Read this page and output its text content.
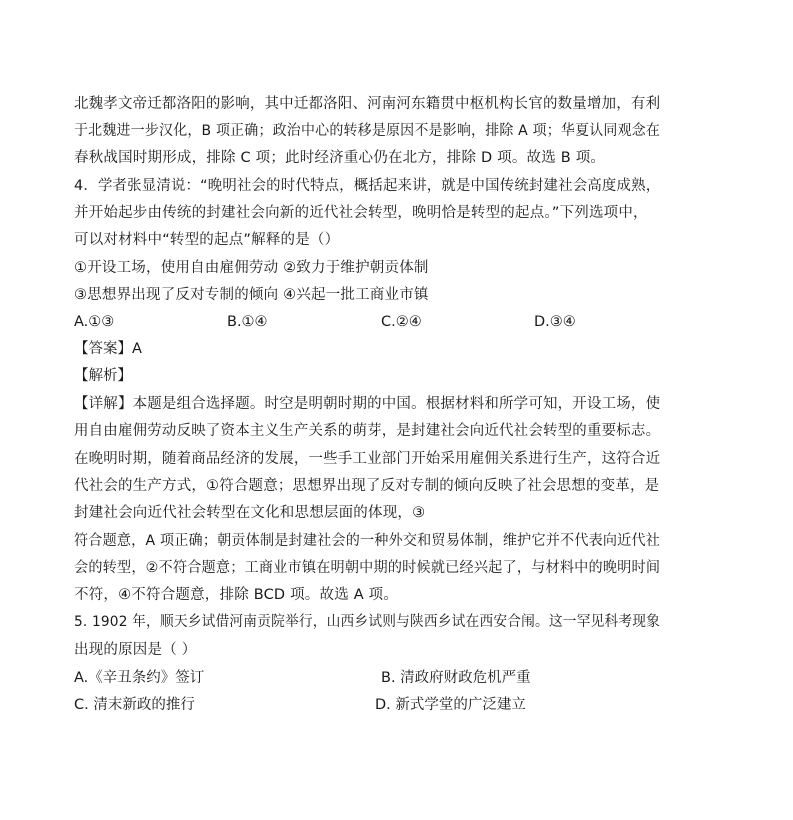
北魏孝文帝迁都洛阳的影响，其中迁都洛阳、河南河东籍贯中枢机构长官的数量增加，有利
于北魏进一步汉化，B 项正确；政治中心的转移是原因不是影响，排除 A 项；华夏认同观念在
春秋战国时期形成，排除 C 项；此时经济重心仍在北方，排除 D 项。故选 B 项。
4．学者张显清说：“晚明社会的时代特点，概括起来讲，就是中国传统封建社会高度成熟，
并开始起步由传统的封建社会向新的近代社会转型，晚明恰是转型的起点。”下列选项中，
可以对材料中“转型的起点”解释的是（）
①开设工场，使用自由雇佣劳动 ②致力于维护朝贡体制
③思想界出现了反对专制的倾向 ④兴起一批工商业市镇
A.①③	B.①④	C.②④	D.③④
【答案】A
【解析】
【详解】本题是组合选择题。时空是明朝时期的中国。根据材料和所学可知，开设工场，使
用自由雇佣劳动反映了资本主义生产关系的萌芽，是封建社会向近代社会转型的重要标志。
在晚明时期，随着商品经济的发展，一些手工业部门开始采用雇佣关系进行生产，这符合近
代社会的生产方式，①符合题意；思想界出现了反对专制的倾向反映了社会思想的变革，是
封建社会向近代社会转型在文化和思想层面的体现，③
符合题意，A 项正确；朝贡体制是封建社会的一种外交和贸易体制，维护它并不代表向近代社
会的转型，②不符合题意；工商业市镇在明朝中期的时候就已经兴起了，与材料中的晚明时间
不符，④不符合题意，排除 BCD 项。故选 A 项。
5. 1902 年，顺天乡试借河南贡院举行，山西乡试则与陕西乡试在西安合闱。这一罕见科考现象
出现的原因是（ ）
A.《辛丑条约》签订	B. 清政府财政危机严重
C. 清末新政的推行	D. 新式学堂的广泛建立
